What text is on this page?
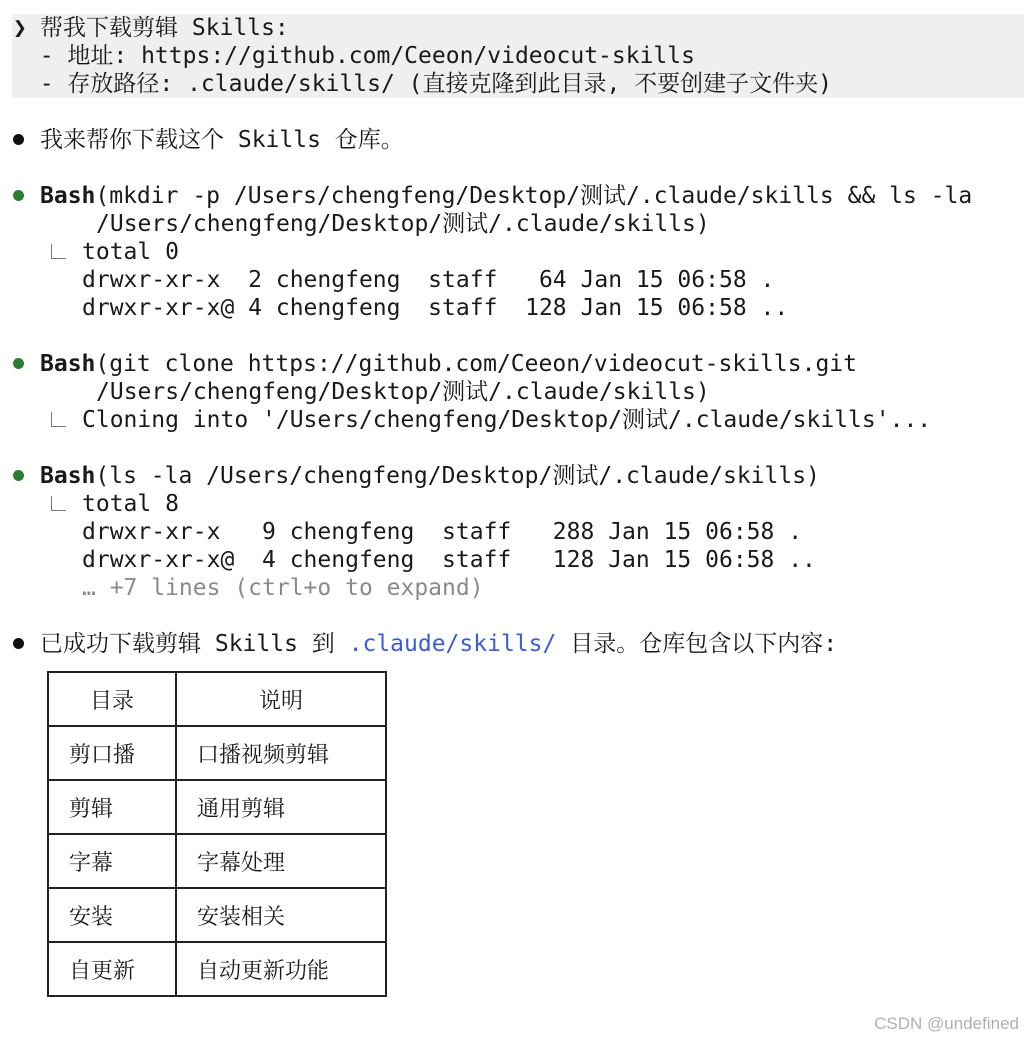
❯ 帮我下载剪辑 Skills:
- 地址: https://github.com/Ceeon/videocut-skills
- 存放路径: .claude/skills/ (直接克隆到此目录, 不要创建子文件夹)
我来帮你下载这个 Skills 仓库。
Bash(mkdir -p /Users/chengfeng/Desktop/测试/.claude/skills && ls -la
/Users/chengfeng/Desktop/测试/.claude/skills)
total 0
drwxr-xr-x  2 chengfeng  staff   64 Jan 15 06:58 .
drwxr-xr-x@ 4 chengfeng  staff  128 Jan 15 06:58 ..
Bash(git clone https://github.com/Ceeon/videocut-skills.git
/Users/chengfeng/Desktop/测试/.claude/skills)
Cloning into '/Users/chengfeng/Desktop/测试/.claude/skills'...
Bash(ls -la /Users/chengfeng/Desktop/测试/.claude/skills)
total 8
drwxr-xr-x   9 chengfeng  staff   288 Jan 15 06:58 .
drwxr-xr-x@  4 chengfeng  staff   128 Jan 15 06:58 ..
… +7 lines (ctrl+o to expand)
已成功下载剪辑 Skills 到 .claude/skills/ 目录。仓库包含以下内容:
目录	说明
剪口播	口播视频剪辑
剪辑	通用剪辑
字幕	字幕处理
安装	安装相关
自更新	自动更新功能
CSDN @undefined
